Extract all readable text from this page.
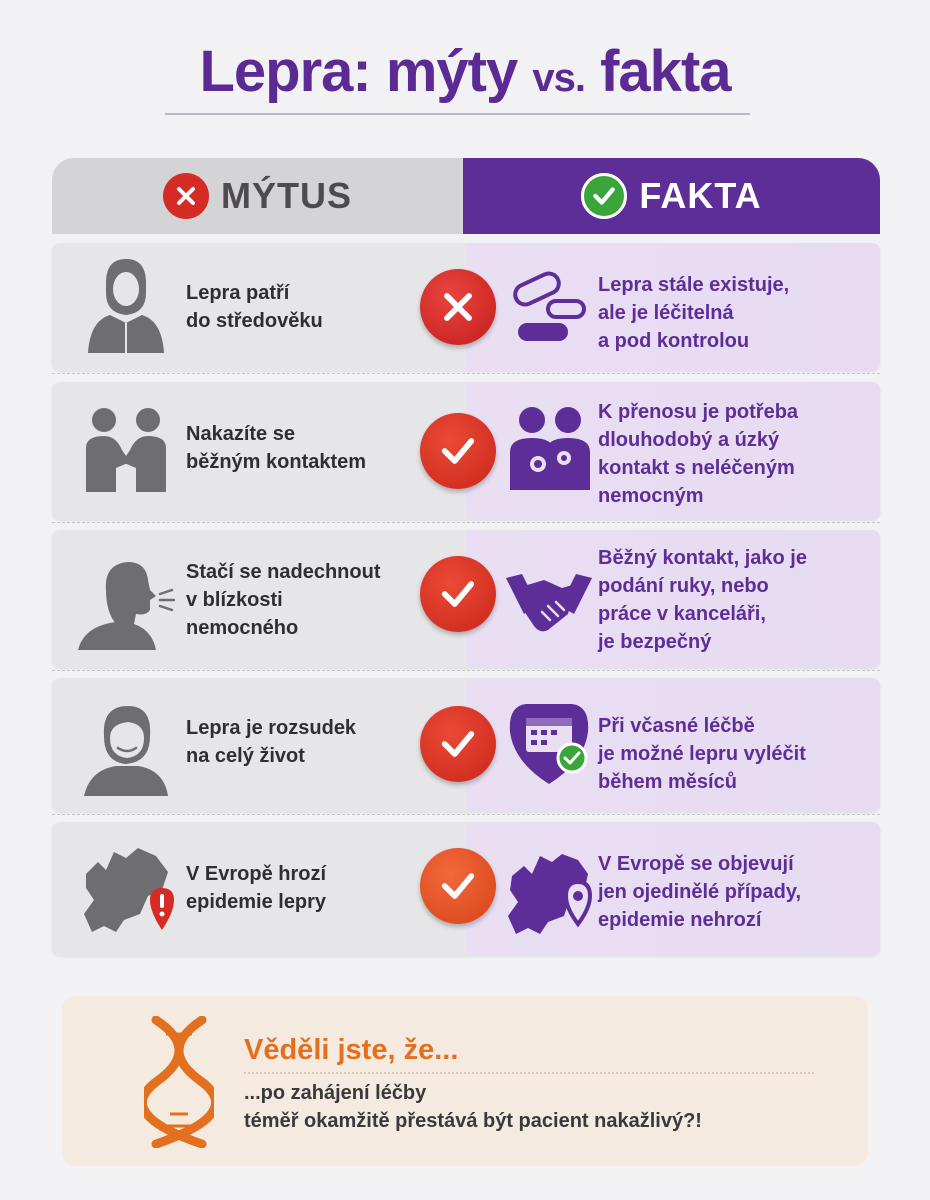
Lepra: mýty vs. fakta
MÝTUS	FAKTA
Lepra patří
do středověku
Lepra stále existuje,
ale je léčitelná
a pod kontrolou
Nakazíte se
běžným kontaktem
K přenosu je potřeba
dlouhodobý a úzký
kontakt s neléčeným
nemocným
Stačí se nadechnout
v blízkosti
nemocného
Běžný kontakt, jako je
podání ruky, nebo
práce v kanceláři,
je bezpečný
Lepra je rozsudek
na celý život
Při včasné léčbě
je možné lepru vyléčit
během měsíců
V Evropě hrozí
epidemie lepry
V Evropě se objevují
jen ojedinělé případy,
epidemie nehrozí
Věděli jste, že...
...po zahájení léčby
téměř okamžitě přestává být pacient nakažlivý?!
